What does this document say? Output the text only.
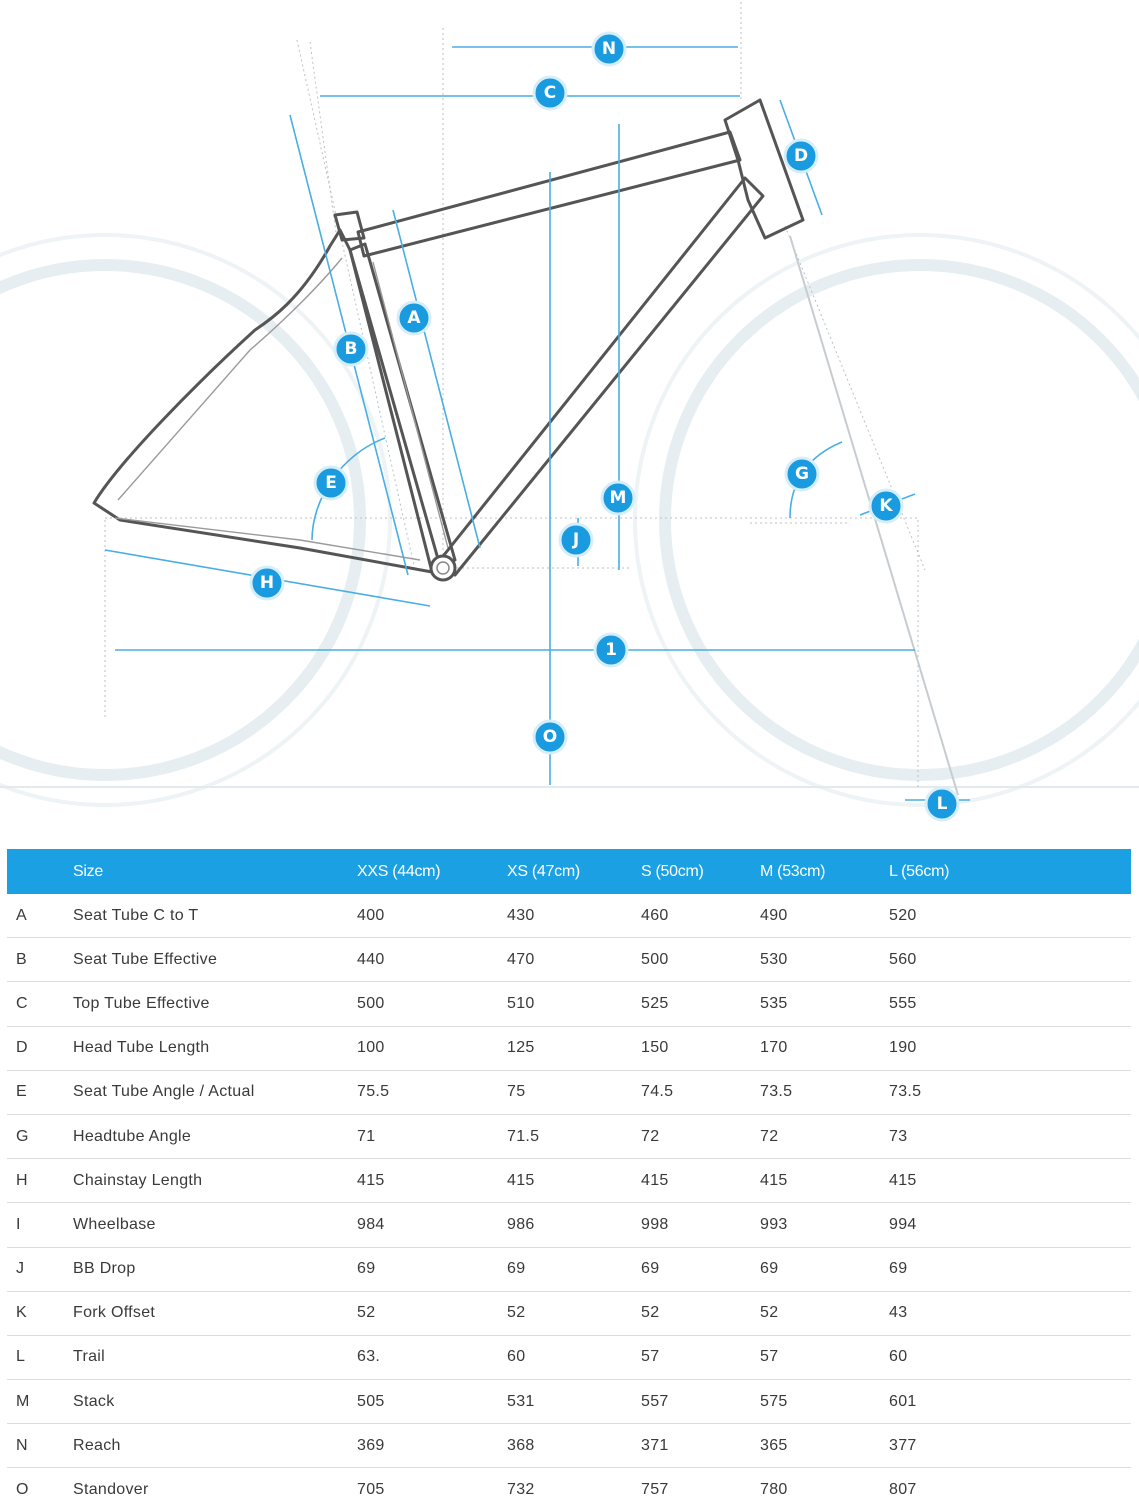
N
C
D
A
B
M
G
E
K
J
H
1
O
L
	Size	XXS (44cm)	XS (47cm)	S (50cm)	M (53cm)	L (56cm)
A	Seat Tube C to T	400	430	460	490	520
B	Seat Tube Effective	440	470	500	530	560
C	Top Tube Effective	500	510	525	535	555
D	Head Tube Length	100	125	150	170	190
E	Seat Tube Angle / Actual	75.5	75	74.5	73.5	73.5
G	Headtube Angle	71	71.5	72	72	73
H	Chainstay Length	415	415	415	415	415
I	Wheelbase	984	986	998	993	994
J	BB Drop	69	69	69	69	69
K	Fork Offset	52	52	52	52	43
L	Trail	63.	60	57	57	60
M	Stack	505	531	557	575	601
N	Reach	369	368	371	365	377
O	Standover	705	732	757	780	807
